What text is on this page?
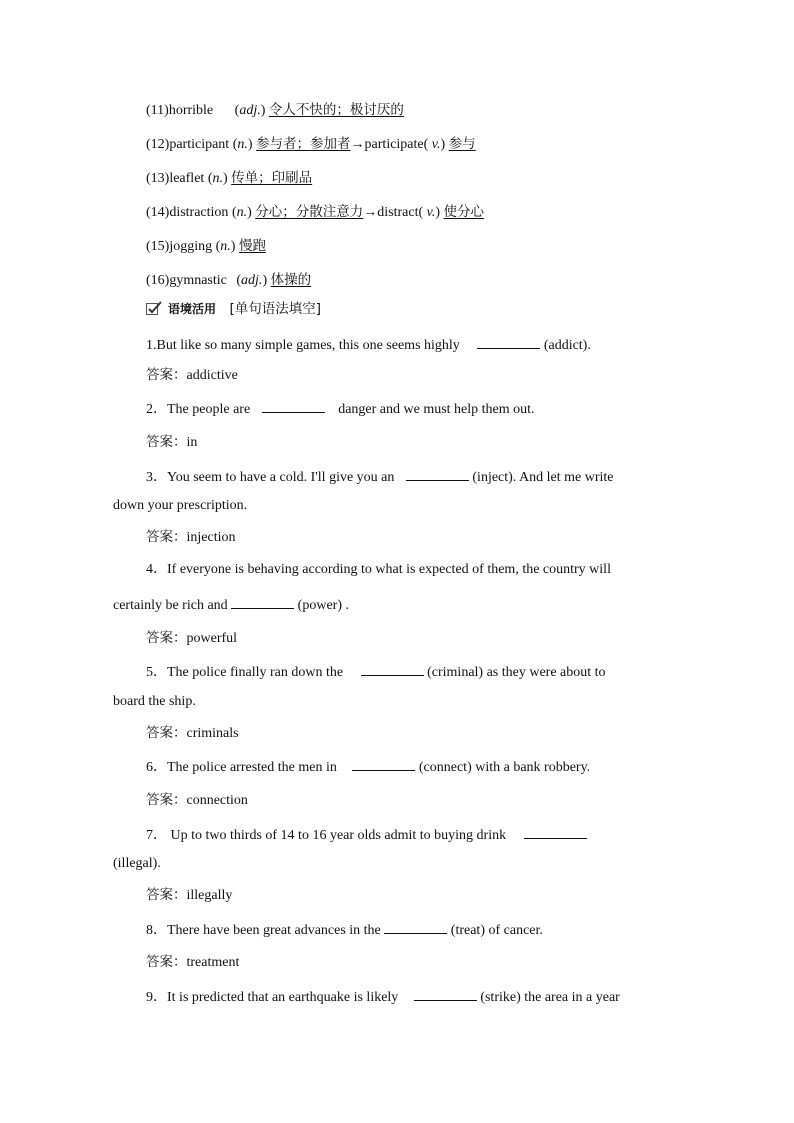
(11)horrible (adj.) 令人不快的；极讨厌的
(12)participant (n.) 参与者；参加者→participate( v.) 参与
(13)leaflet (n.) 传单；印刷品
(14)distraction (n.) 分心；分散注意力→distract( v.) 使分心
(15)jogging (n.) 慢跑
(16)gymnastic (adj.) 体操的
语境活用 [单句语法填空]
1.But like so many simple games, this one seems highly	(addict).
答案：addictive
2．The people are	danger and we must help them out.
答案：in
3．You seem to have a cold. I'll give you an	(inject). And let me write
down your prescription.
答案：injection
4．If everyone is behaving according to what is expected of them, the country will
certainly be rich and	(power) .
答案：powerful
5．The police finally ran down the	(criminal) as they were about to
board the ship.
答案：criminals
6．The police arrested the men in	(connect) with a bank robbery.
答案：connection
7． Up to two thirds of 14 to 16 year olds admit to buying drink
(illegal).
答案：illegally
8．There have been great advances in the	(treat) of cancer.
答案：treatment
9．It is predicted that an earthquake is likely	(strike) the area in a year
